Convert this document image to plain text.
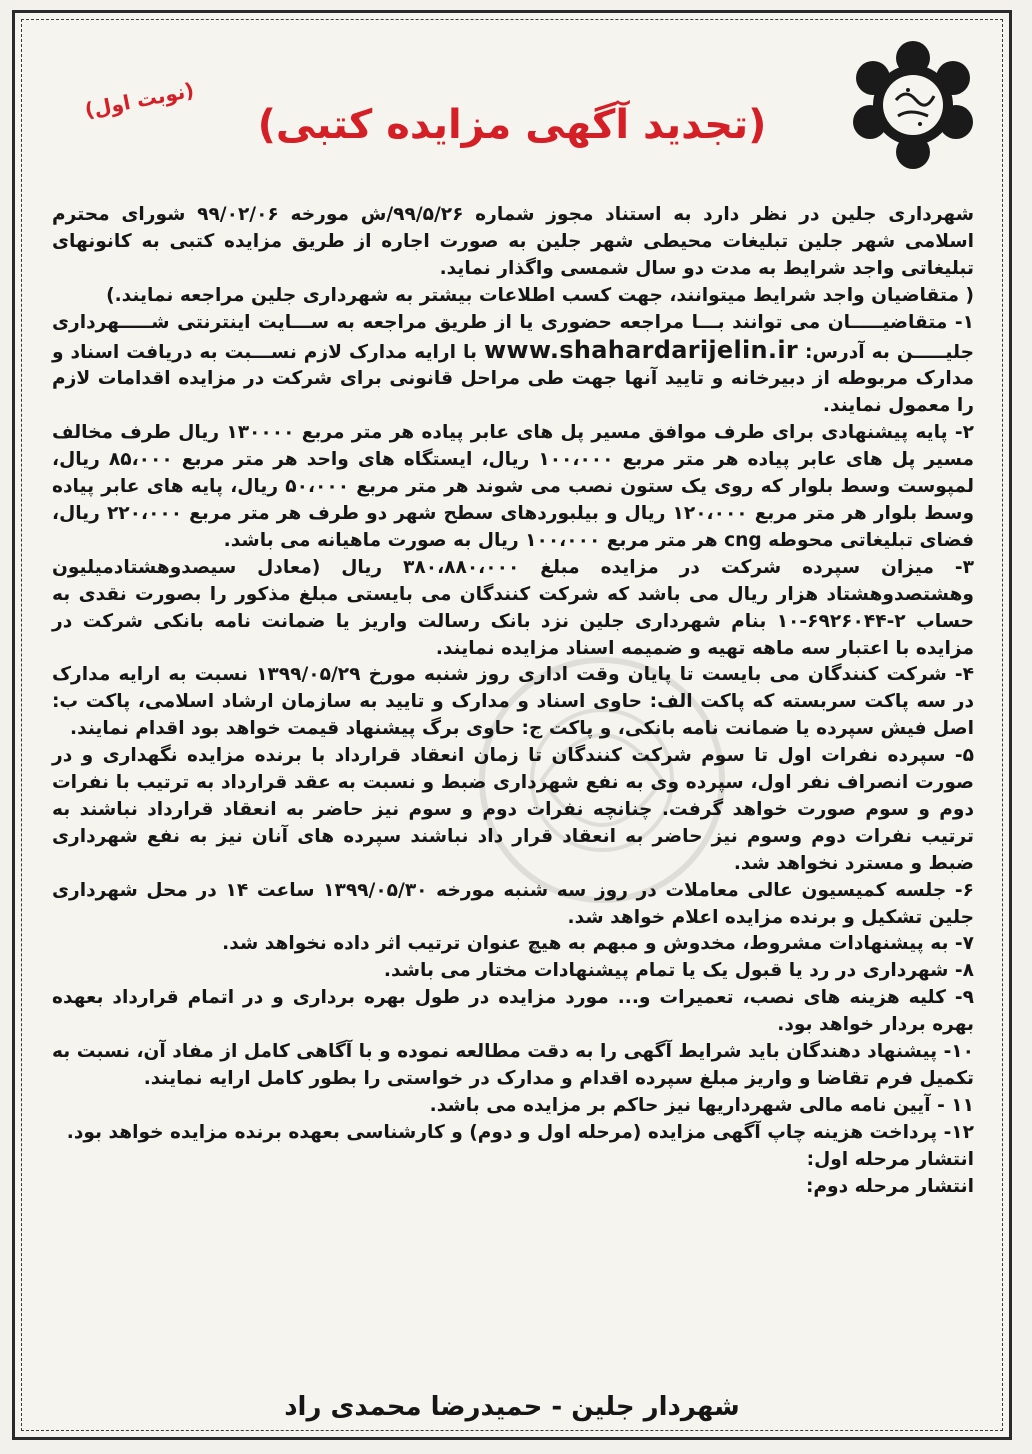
(نوبت اول)
(تجدید آگهی مزایده کتبی)

شهرداری جلین در نظر دارد به استناد مجوز شماره ۹۹/۵/۲۶/ش مورخه ۹۹/۰۲/۰۶ شورای محترم اسلامی شهر جلین تبلیغات محیطی شهر جلین به صورت اجاره از طریق مزایده کتبی به کانونهای تبلیغاتی واجد شرایط به مدت دو سال شمسی واگذار نماید.

( متقاضیان واجد شرایط میتوانند، جهت کسب اطلاعات بیشتر به شهرداری جلین مراجعه نمایند.)

۱- متقاضیـــــان می توانند بـــا مراجعه حضوری یا از طریق مراجعه به ســـایت اینترنتی شـــــهرداری جلیـــــن به آدرس: www.shahardarijelin.ir با ارایه مدارک لازم نســـبت به دریافت اسناد و مدارک مربوطه از دبیرخانه و تایید آنها جهت طی مراحل قانونی برای شرکت در مزایده اقدامات لازم را معمول نمایند.

۲- پایه پیشنهادی برای طرف موافق مسیر پل های عابر پیاده هر متر مربع ۱۳۰۰۰۰ ریال طرف مخالف مسیر پل های عابر پیاده هر متر مربع ۱۰۰،۰۰۰ ریال، ایستگاه های واحد هر متر مربع ۸۵،۰۰۰ ریال، لمپوست وسط بلوار که روی یک ستون نصب می شوند هر متر مربع ۵۰،۰۰۰ ریال، پایه های عابر پیاده وسط بلوار هر متر مربع ۱۲۰،۰۰۰ ریال و بیلبوردهای سطح شهر دو طرف هر متر مربع ۲۲۰،۰۰۰ ریال، فضای تبلیغاتی محوطه cng هر متر مربع ۱۰۰،۰۰۰ ریال به صورت ماهیانه می باشد.

۳- میزان سپرده شرکت در مزایده مبلغ ۳۸۰،۸۸۰،۰۰۰ ریال (معادل سیصدوهشتادمیلیون وهشتصدوهشتاد هزار ریال می باشد که شرکت کنندگان می بایستی مبلغ مذکور را بصورت نقدی به حساب ۲-۶۹۲۶۰۴۴-۱۰ بنام شهرداری جلین نزد بانک رسالت واریز یا ضمانت نامه بانکی شرکت در مزایده با اعتبار سه ماهه تهیه و ضمیمه اسناد مزایده نمایند.

۴- شرکت کنندگان می بایست تا پایان وقت اداری روز شنبه مورخ ۱۳۹۹/۰۵/۲۹ نسبت به ارایه مدارک در سه پاکت سربسته که پاکت الف: حاوی اسناد و مدارک و تایید به سازمان ارشاد اسلامی، پاکت ب: اصل فیش سپرده یا ضمانت نامه بانکی، و پاکت ج: حاوی برگ پیشنهاد قیمت خواهد بود اقدام نمایند.

۵- سپرده نفرات اول تا سوم شرکت کنندگان تا زمان انعقاد قرارداد با برنده مزایده نگهداری و در صورت انصراف نفر اول، سپرده وی به نفع شهرداری ضبط و نسبت به عقد قرارداد به ترتیب با نفرات دوم و سوم صورت خواهد گرفت. چنانچه نفرات دوم و سوم نیز حاضر به انعقاد قرارداد نباشند به ترتیب نفرات دوم وسوم نیز حاضر به انعقاد قرار داد نباشند سپرده های آنان نیز به نفع شهرداری ضبط و مسترد نخواهد شد.

۶- جلسه کمیسیون عالی معاملات در روز سه شنبه مورخه ۱۳۹۹/۰۵/۳۰ ساعت ۱۴ در محل شهرداری جلین تشکیل و برنده مزایده اعلام خواهد شد.

۷- به پیشنهادات مشروط، مخدوش و مبهم به هیچ عنوان ترتیب اثر داده نخواهد شد.

۸- شهرداری در رد یا قبول یک یا تمام پیشنهادات مختار می باشد.

۹- کلیه هزینه های نصب، تعمیرات و... مورد مزایده در طول بهره برداری و در اتمام قرارداد بعهده بهره بردار خواهد بود.

۱۰- پیشنهاد دهندگان باید شرایط آگهی را به دقت مطالعه نموده و با آگاهی کامل از مفاد آن، نسبت به تکمیل فرم تقاضا و واریز مبلغ سپرده اقدام و مدارک در خواستی را بطور کامل ارایه نمایند.

۱۱ - آیین نامه مالی شهرداریها نیز حاکم بر مزایده می باشد.

۱۲- پرداخت هزینه چاپ آگهی مزایده (مرحله اول و دوم) و کارشناسی بعهده برنده مزایده خواهد بود.

انتشار مرحله اول:

انتشار مرحله دوم:

شهردار جلین - حمیدرضا محمدی راد
